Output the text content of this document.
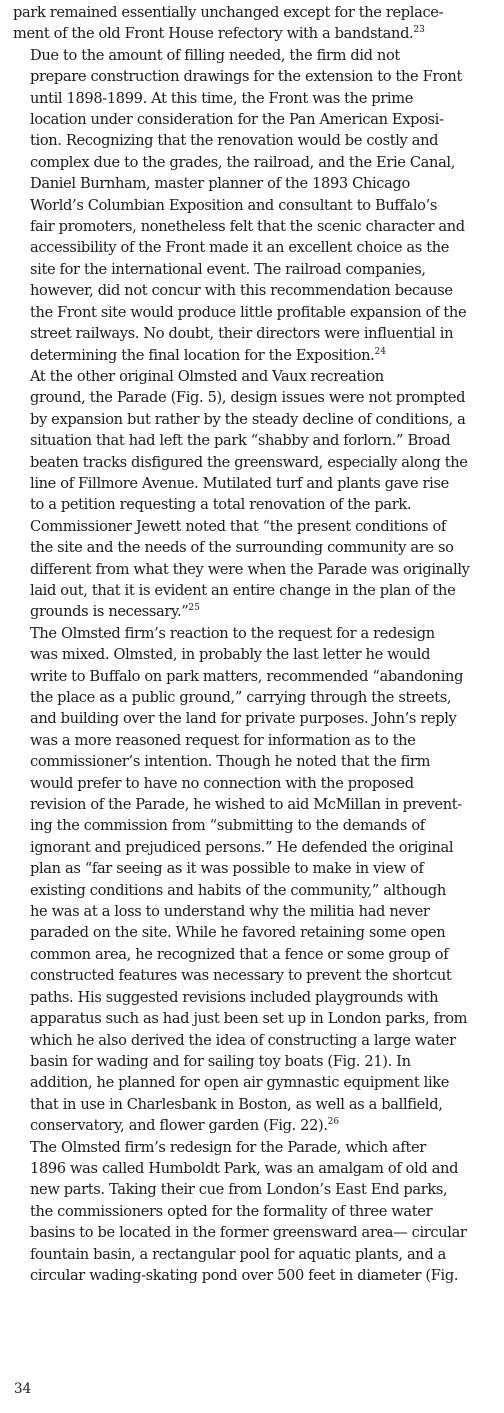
park remained essentially unchanged except for the replace-
ment of the old Front House refectory with a bandstand.$^{23}$

Due to the amount of filling needed, the firm did not
prepare construction drawings for the extension to the Front
until 1898-1899. At this time, the Front was the prime
location under consideration for the Pan American Exposi-
tion. Recognizing that the renovation would be costly and
complex due to the grades, the railroad, and the Erie Canal,
Daniel Burnham, master planner of the 1893 Chicago
World’s Columbian Exposition and consultant to Buffalo’s
fair promoters, nonetheless felt that the scenic character and
accessibility of the Front made it an excellent choice as the
site for the international event. The railroad companies,
however, did not concur with this recommendation because
the Front site would produce little profitable expansion of the
street railways. No doubt, their directors were influential in
determining the final location for the Exposition.$^{24}$

At the other original Olmsted and Vaux recreation
ground, the Parade (Fig. 5), design issues were not prompted
by expansion but rather by the steady decline of conditions, a
situation that had left the park “shabby and forlorn.” Broad
beaten tracks disfigured the greensward, especially along the
line of Fillmore Avenue. Mutilated turf and plants gave rise
to a petition requesting a total renovation of the park.
Commissioner Jewett noted that “the present conditions of
the site and the needs of the surrounding community are so
different from what they were when the Parade was originally
laid out, that it is evident an entire change in the plan of the
grounds is necessary.”$^{25}$

The Olmsted firm’s reaction to the request for a redesign
was mixed. Olmsted, in probably the last letter he would
write to Buffalo on park matters, recommended “abandoning
the place as a public ground,” carrying through the streets,
and building over the land for private purposes. John’s reply
was a more reasoned request for information as to the
commissioner’s intention. Though he noted that the firm
would prefer to have no connection with the proposed
revision of the Parade, he wished to aid McMillan in prevent-
ing the commission from “submitting to the demands of
ignorant and prejudiced persons.” He defended the original
plan as “far seeing as it was possible to make in view of
existing conditions and habits of the community,” although
he was at a loss to understand why the militia had never
paraded on the site. While he favored retaining some open
common area, he recognized that a fence or some group of
constructed features was necessary to prevent the shortcut
paths. His suggested revisions included playgrounds with
apparatus such as had just been set up in London parks, from
which he also derived the idea of constructing a large water
basin for wading and for sailing toy boats (Fig. 21). In
addition, he planned for open air gymnastic equipment like
that in use in Charlesbank in Boston, as well as a ballfield,
conservatory, and flower garden (Fig. 22).$^{26}$

The Olmsted firm’s redesign for the Parade, which after
1896 was called Humboldt Park, was an amalgam of old and
new parts. Taking their cue from London’s East End parks,
the commissioners opted for the formality of three water
basins to be located in the former greensward area— circular
fountain basin, a rectangular pool for aquatic plants, and a
circular wading-skating pond over 500 feet in diameter (Fig.

34
